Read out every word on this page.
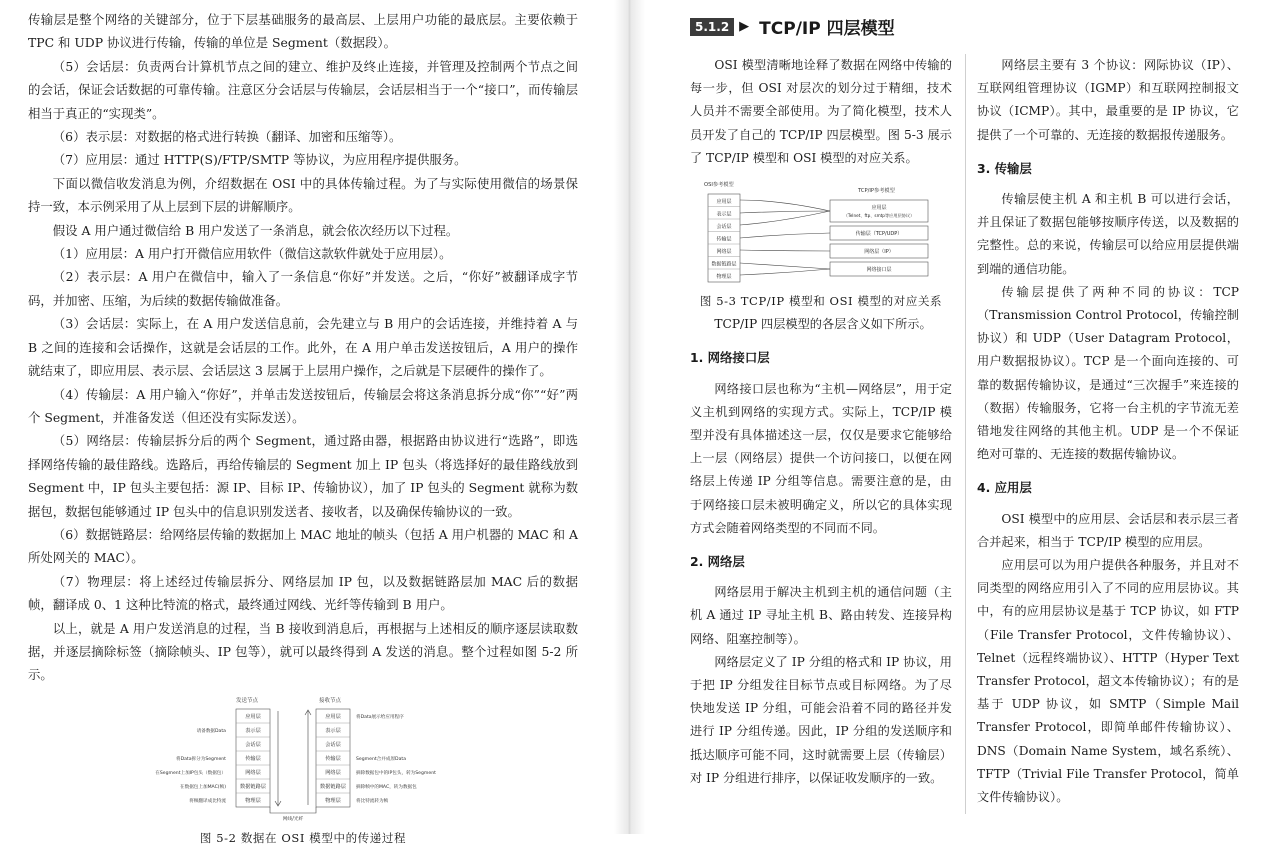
传输层是整个网络的关键部分，位于下层基础服务的最高层、上层用户功能的最底层。主要依赖于TPC 和 UDP 协议进行传输，传输的单位是 Segment（数据段）。

（5）会话层：负责两台计算机节点之间的建立、维护及终止连接，并管理及控制两个节点之间的会话，保证会话数据的可靠传输。注意区分会话层与传输层，会话层相当于一个“接口”，而传输层相当于真正的“实现类”。

（6）表示层：对数据的格式进行转换（翻译、加密和压缩等）。

（7）应用层：通过 HTTP(S)/FTP/SMTP 等协议，为应用程序提供服务。

下面以微信收发消息为例，介绍数据在 OSI 中的具体传输过程。为了与实际使用微信的场景保持一致，本示例采用了从上层到下层的讲解顺序。

假设 A 用户通过微信给 B 用户发送了一条消息，就会依次经历以下过程。

（1）应用层：A 用户打开微信应用软件（微信这款软件就处于应用层）。

（2）表示层：A 用户在微信中，输入了一条信息“你好”并发送。之后，“你好”被翻译成字节码，并加密、压缩，为后续的数据传输做准备。

（3）会话层：实际上，在 A 用户发送信息前，会先建立与 B 用户的会话连接，并维持着 A 与 B 之间的连接和会话操作，这就是会话层的工作。此外，在 A 用户单击发送按钮后，A 用户的操作就结束了，即应用层、表示层、会话层这 3 层属于上层用户操作，之后就是下层硬件的操作了。

（4）传输层：A 用户输入“你好”，并单击发送按钮后，传输层会将这条消息拆分成“你”“好”两个 Segment，并准备发送（但还没有实际发送）。

（5）网络层：传输层拆分后的两个 Segment，通过路由器，根据路由协议进行“选路”，即选择网络传输的最佳路线。选路后，再给传输层的 Segment 加上 IP 包头（将选择好的最佳路线放到 Segment 中，IP 包头主要包括：源 IP、目标 IP、传输协议），加了 IP 包头的 Segment 就称为数据包，数据包能够通过 IP 包头中的信息识别发送者、接收者，以及确保传输协议的一致。

（6）数据链路层：给网络层传输的数据加上 MAC 地址的帧头（包括 A 用户机器的 MAC 和 A 所处网关的 MAC）。

（7）物理层：将上述经过传输层拆分、网络层加 IP 包，以及数据链路层加 MAC 后的数据帧，翻译成 0、1 这种比特流的格式，最终通过网线、光纤等传输到 B 用户。

以上，就是 A 用户发送消息的过程，当 B 接收到消息后，再根据与上述相反的顺序逐层读取数据，并逐层摘除标签（摘除帧头、IP 包等），就可以最终得到 A 发送的消息。整个过程如图 5-2 所示。

发送节点	接收节点
应用层
表示层
会话层
传输层
网络层
数据链路层
物理层
应用层
表示层
会话层
传输层
网络层
数据链路层
物理层
请备数据Data
将Data拆分为Segment
在Segment上加IP包头（数据包）
在数据包上加MAC(帧)
将帧翻译成比特流
将Data展示给应用程序
Segment合并成原Data
摘除数据包中的IP包头，转为Segment
摘除帧中的MAC，转为数据包
将比特流转为帧
网线/光纤

图 5-2 数据在 OSI 模型中的传递过程

5.1.2 ▶ TCP/IP 四层模型

OSI 模型清晰地诠释了数据在网络中传输的每一步，但 OSI 对层次的划分过于精细，技术人员并不需要全部使用。为了简化模型，技术人员开发了自己的 TCP/IP 四层模型。图 5-3 展示了 TCP/IP 模型和 OSI 模型的对应关系。

OSI参考模型
TCP/IP参考模型
应用层
表示层
会话层
传输层
网络层
数据链路层
物理层
应用层
（Telnet、ftp、smtp等应用层协议）
传输层（TCP/UDP）
网络层（IP）
网络接口层

图 5-3 TCP/IP 模型和 OSI 模型的对应关系

TCP/IP 四层模型的各层含义如下所示。

1. 网络接口层

网络接口层也称为“主机—网络层”，用于定义主机到网络的实现方式。实际上，TCP/IP 模型并没有具体描述这一层，仅仅是要求它能够给上一层（网络层）提供一个访问接口，以便在网络层上传递 IP 分组等信息。需要注意的是，由于网络接口层未被明确定义，所以它的具体实现方式会随着网络类型的不同而不同。

2. 网络层

网络层用于解决主机到主机的通信问题（主机 A 通过 IP 寻址主机 B、路由转发、连接异构网络、阻塞控制等）。

网络层定义了 IP 分组的格式和 IP 协议，用于把 IP 分组发往目标节点或目标网络。为了尽快地发送 IP 分组，可能会沿着不同的路径并发进行 IP 分组传递。因此，IP 分组的发送顺序和抵达顺序可能不同，这时就需要上层（传输层）对 IP 分组进行排序，以保证收发顺序的一致。

网络层主要有 3 个协议：网际协议（IP）、互联网组管理协议（IGMP）和互联网控制报文协议（ICMP）。其中，最重要的是 IP 协议，它提供了一个可靠的、无连接的数据报传递服务。

3. 传输层

传输层使主机 A 和主机 B 可以进行会话，并且保证了数据包能够按顺序传送，以及数据的完整性。总的来说，传输层可以给应用层提供端到端的通信功能。

传输层提供了两种不同的协议：TCP（Transmission Control Protocol，传输控制协议）和 UDP（User Datagram Protocol，用户数据报协议）。TCP 是一个面向连接的、可靠的数据传输协议，是通过“三次握手”来连接的（数据）传输服务，它将一台主机的字节流无差错地发往网络的其他主机。UDP 是一个不保证绝对可靠的、无连接的数据传输协议。

4. 应用层

OSI 模型中的应用层、会话层和表示层三者合并起来，相当于 TCP/IP 模型的应用层。

应用层可以为用户提供各种服务，并且对不同类型的网络应用引入了不同的应用层协议。其中，有的应用层协议是基于 TCP 协议，如 FTP（File Transfer Protocol，文件传输协议）、Telnet（远程终端协议）、HTTP（Hyper Text Transfer Protocol，超文本传输协议）；有的是基于 UDP 协议，如 SMTP（Simple Mail Transfer Protocol，即简单邮件传输协议）、DNS（Domain Name System，域名系统）、TFTP（Trivial File Transfer Protocol，简单文件传输协议）。
